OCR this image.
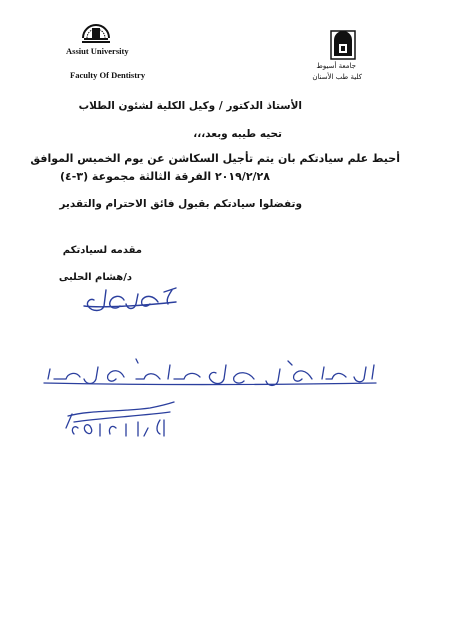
Assiut University
Faculty Of Dentistry
جامعة أسيوط
كلية طب الأسنان
الأستاذ الدكتور / وكيل الكلية لشئون الطلاب
تحيه طيبه وبعد،،،
أحيط علم سيادتكم بان يتم تأجيل السكاشن عن يوم الخميس الموافق
٢٠١٩/٢/٢٨ الفرقة الثالثة مجموعة (٣-٤)
وتفضلوا سيادتكم بقبول فائق الاحترام والتقدير
مقدمه لسيادتكم
د/هشام الحلبى
